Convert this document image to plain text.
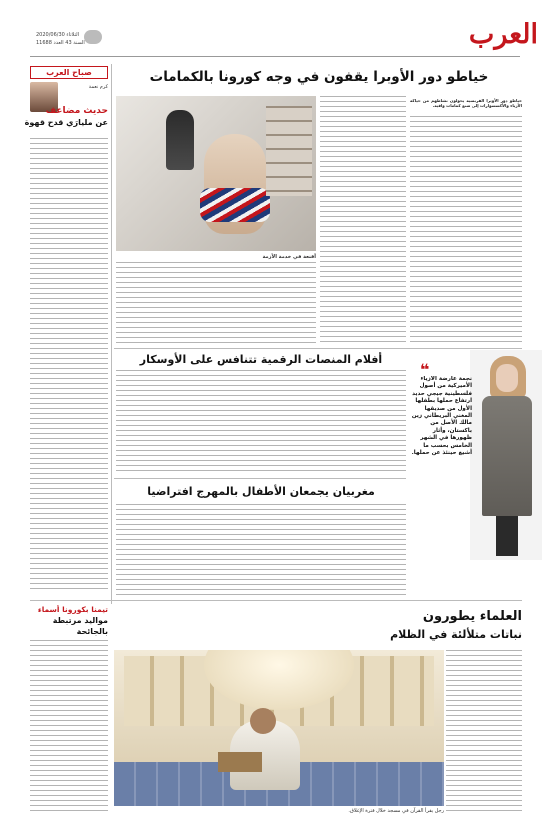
العرب
الثلاثاء 2020/06/30
السنة 43 العدد 11688
صباح العرب
كرم نعمة
حديث مضاعف
عن مليارَي قدح قهوة
خياطو دور الأوبرا يقفون في وجه كورونا بالكمامات
أقنعة في خدمة الأزمة
خياطو دور الأوبرا الفرنسية يحولون نشاطهم من حياكة الأزياء والأكسسوارات إلى صنع كمامات واقية.
أفلام المنصات الرقمية تتنافس على الأوسكار
❝
نجمة عارضة الأزياء الأميركية من أصول فلسطينية جيجي حديد ارتفاع حملها بطفلها الأول من صديقها المغني البريطاني زين مالك الأصل من باكستان، وأثار ظهورها في الشهر الخامس بحسب ما أشيع حينئذ عن حملها.
مغربيان يجمعان الأطفال بالمهرج افتراضيا
العلماء يطورون
نباتات متلألئة في الظلام
تيمنا بكورونا أسماء
مواليد مرتبطة
بالجائحة
رجل يقرأ القرآن في مسجد خلال فترة الإغلاق.
